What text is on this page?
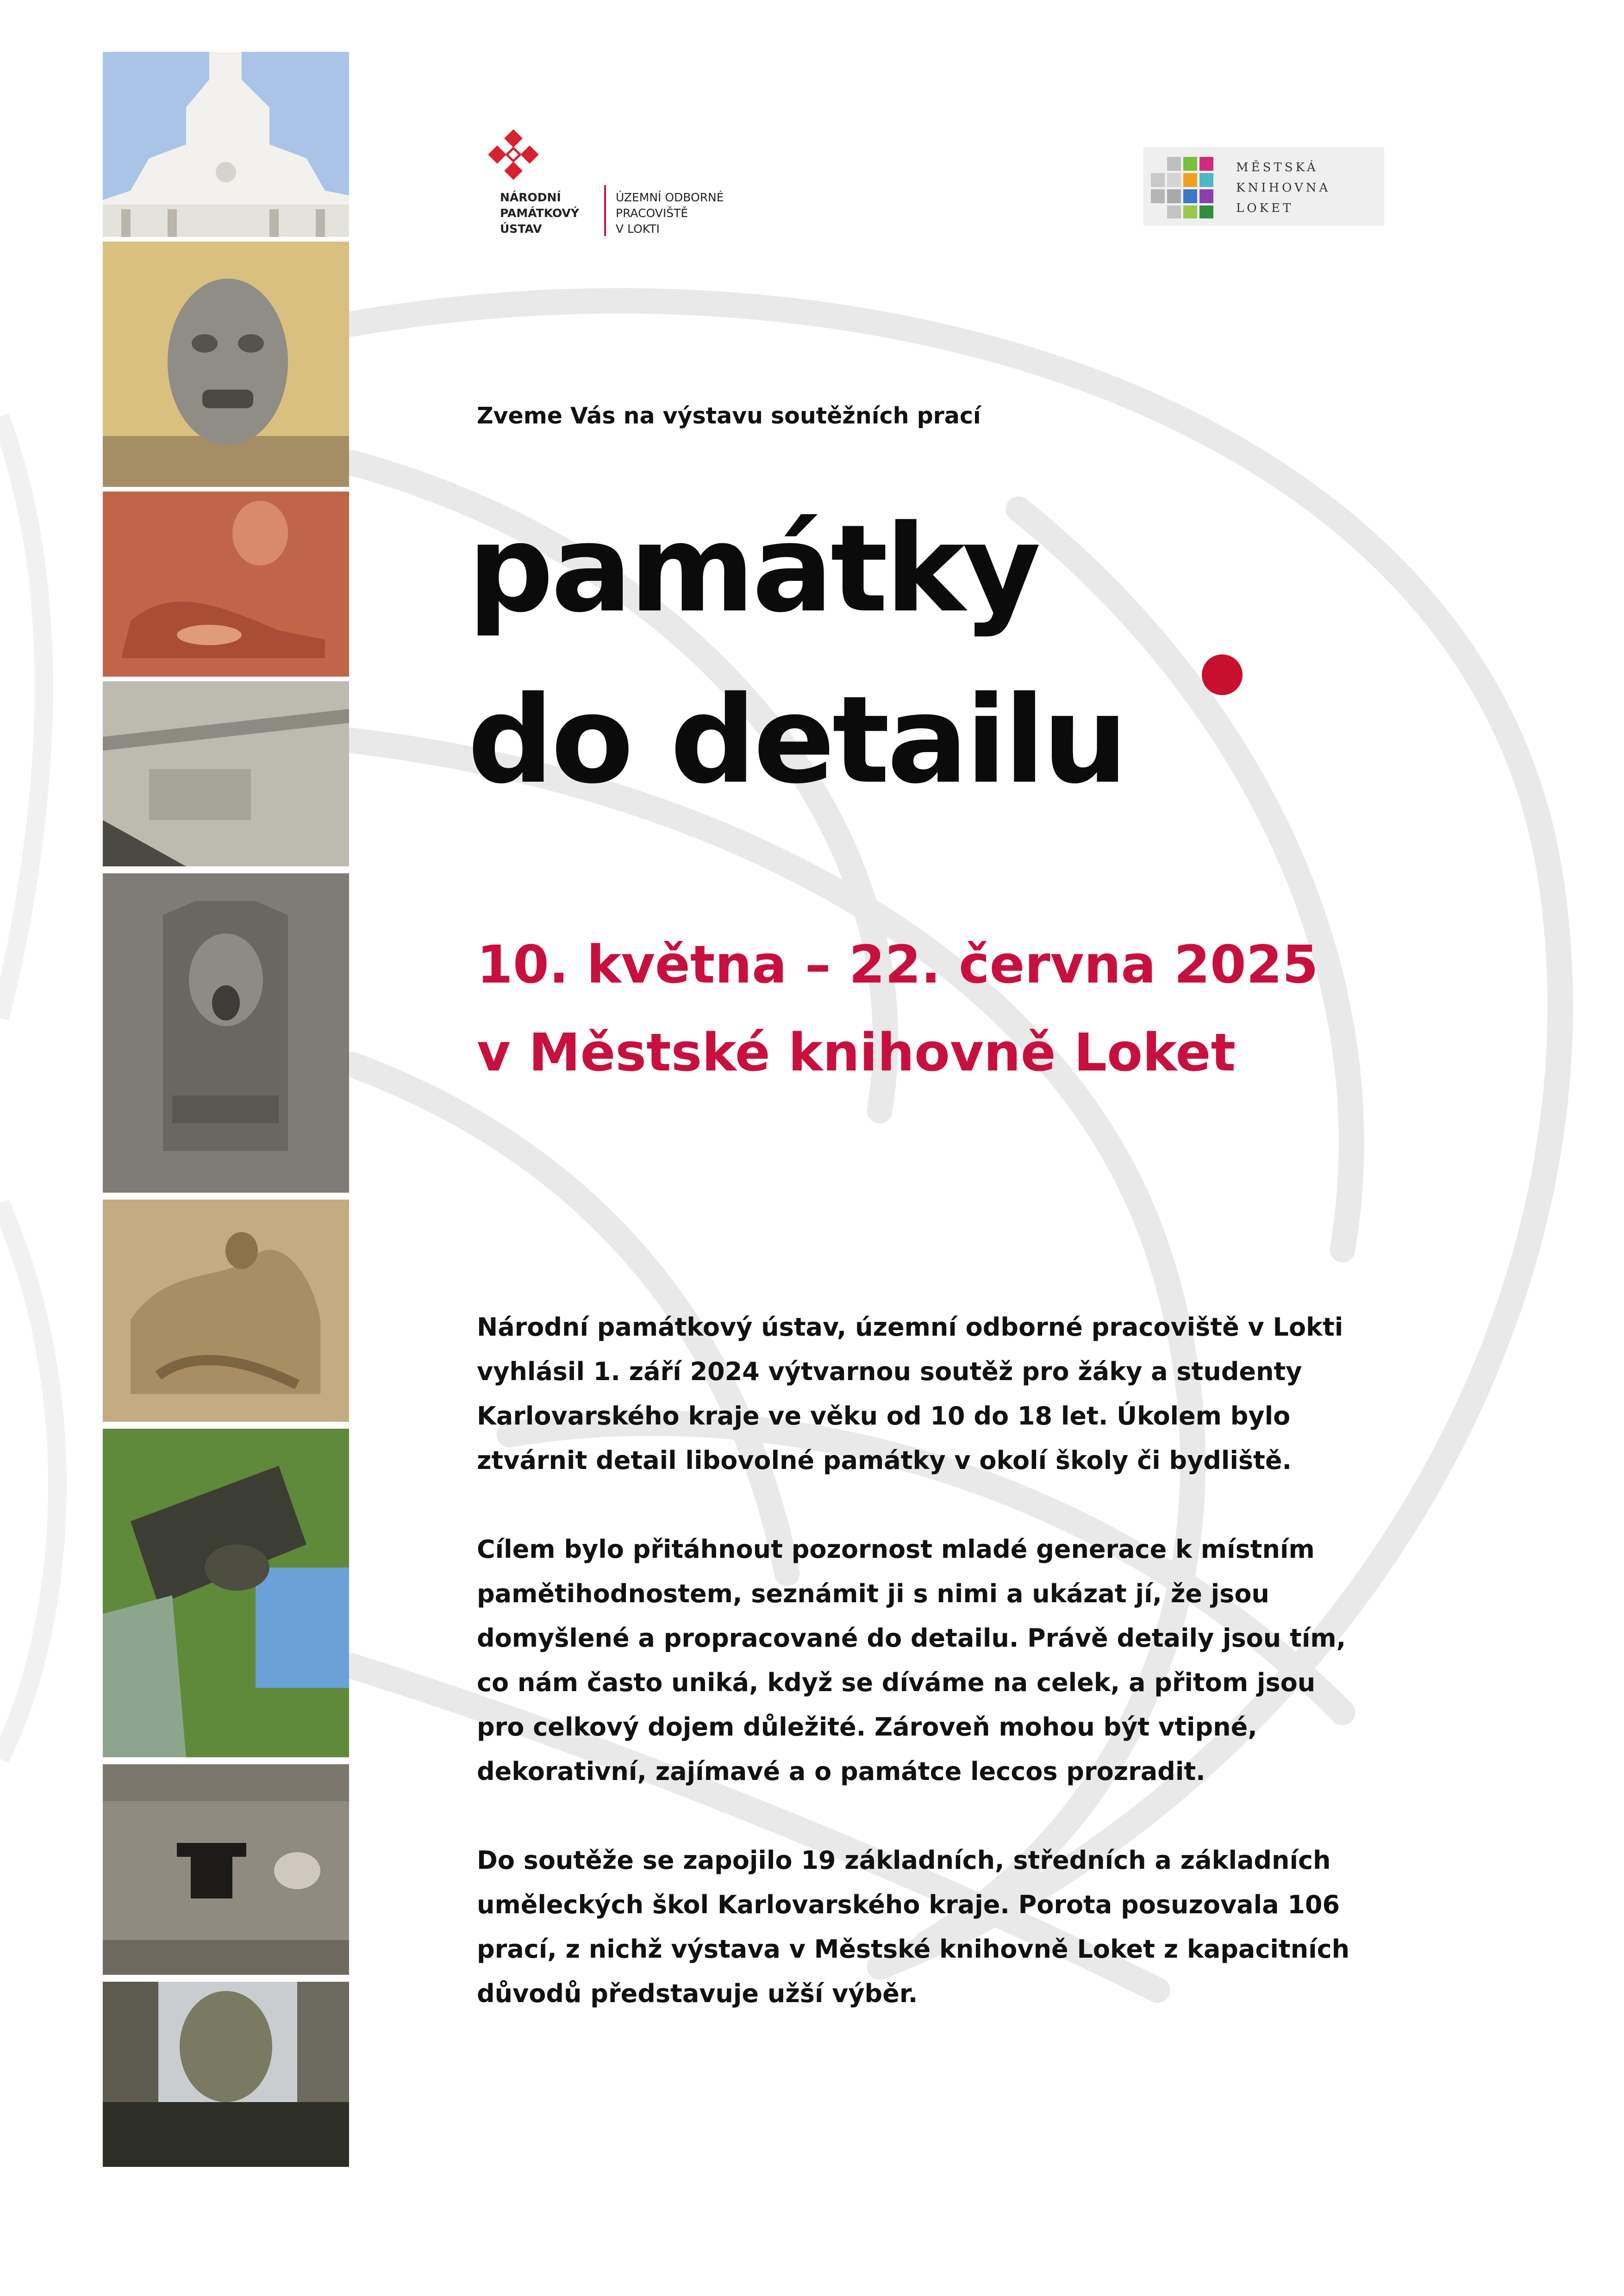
NÁRODNÍ
PAMÁTKOVÝ
ÚSTAV
ÚZEMNÍ ODBORNÉ
PRACOVIŠTĚ
V LOKTI
MĚSTSKÁ
KNIHOVNA
LOKET
Zveme Vás na výstavu soutěžních prací
památky
do detailu
10. května – 22. června 2025
v Městské knihovně Loket

Národní památkový ústav, územní odborné pracoviště v Lokti
vyhlásil 1. září 2024 výtvarnou soutěž pro žáky a studenty
Karlovarského kraje ve věku od 10 do 18 let. Úkolem bylo
ztvárnit detail libovolné památky v okolí školy či bydliště.

Cílem bylo přitáhnout pozornost mladé generace k místním
pamětihodnostem, seznámit ji s nimi a ukázat jí, že jsou
domyšlené a propracované do detailu. Právě detaily jsou tím,
co nám často uniká, když se díváme na celek, a přitom jsou
pro celkový dojem důležité. Zároveň mohou být vtipné,
dekorativní, zajímavé a o památce leccos prozradit.

Do soutěže se zapojilo 19 základních, středních a základních
uměleckých škol Karlovarského kraje. Porota posuzovala 106
prací, z nichž výstava v Městské knihovně Loket z kapacitních
důvodů představuje užší výběr.
